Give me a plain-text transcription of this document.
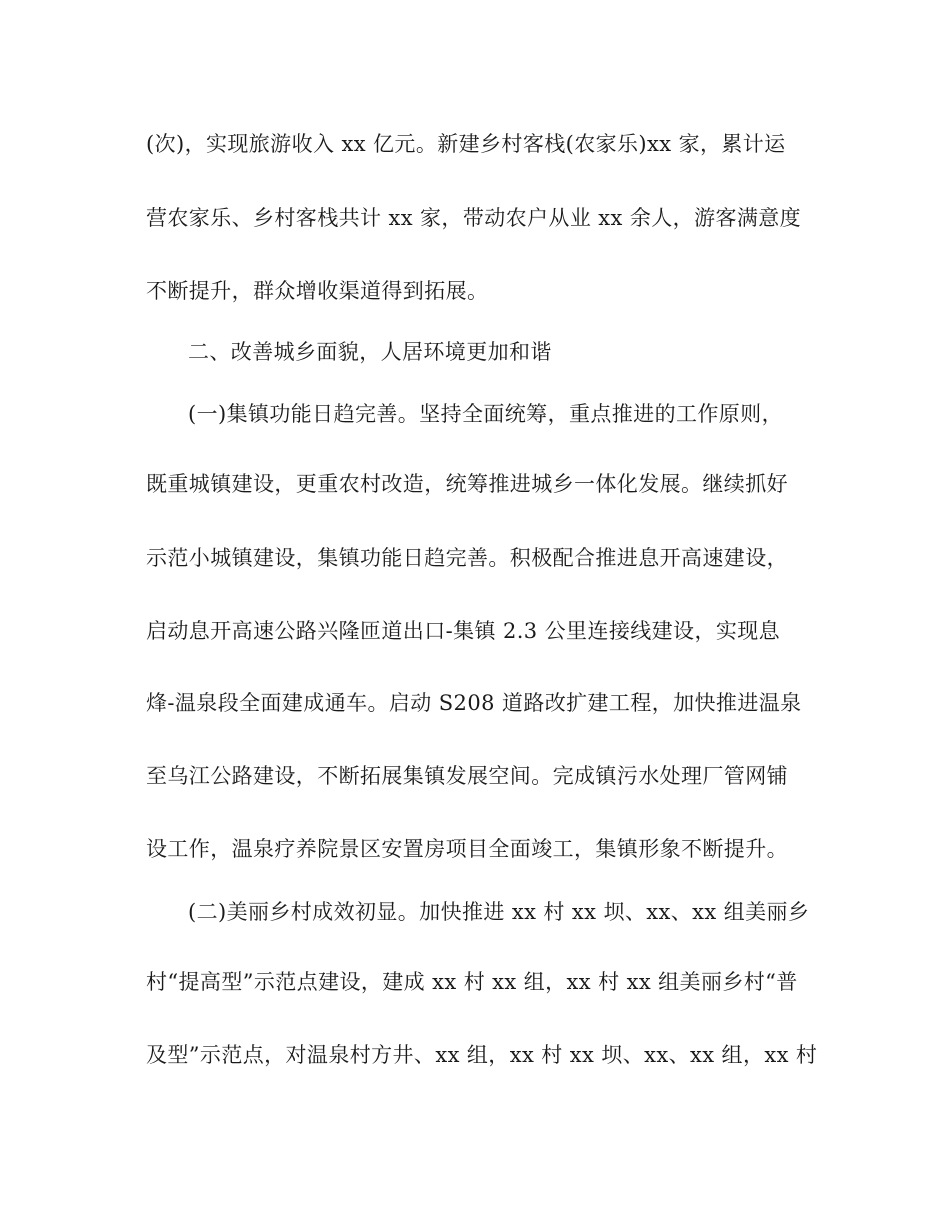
(次)，实现旅游收入 xx 亿元。新建乡村客栈(农家乐)xx 家，累计运
营农家乐、乡村客栈共计 xx 家，带动农户从业 xx 余人，游客满意度
不断提升，群众增收渠道得到拓展。
二、改善城乡面貌，人居环境更加和谐
(一)集镇功能日趋完善。坚持全面统筹，重点推进的工作原则，
既重城镇建设，更重农村改造，统筹推进城乡一体化发展。继续抓好
示范小城镇建设，集镇功能日趋完善。积极配合推进息开高速建设，
启动息开高速公路兴隆匝道出口-集镇 2.3 公里连接线建设，实现息
烽-温泉段全面建成通车。启动 S208 道路改扩建工程，加快推进温泉
至乌江公路建设，不断拓展集镇发展空间。完成镇污水处理厂管网铺
设工作，温泉疗养院景区安置房项目全面竣工，集镇形象不断提升。
(二)美丽乡村成效初显。加快推进 xx 村 xx 坝、xx、xx 组美丽乡
村“提高型”示范点建设，建成 xx 村 xx 组，xx 村 xx 组美丽乡村“普
及型”示范点，对温泉村方井、xx 组，xx 村 xx 坝、xx、xx 组，xx 村
